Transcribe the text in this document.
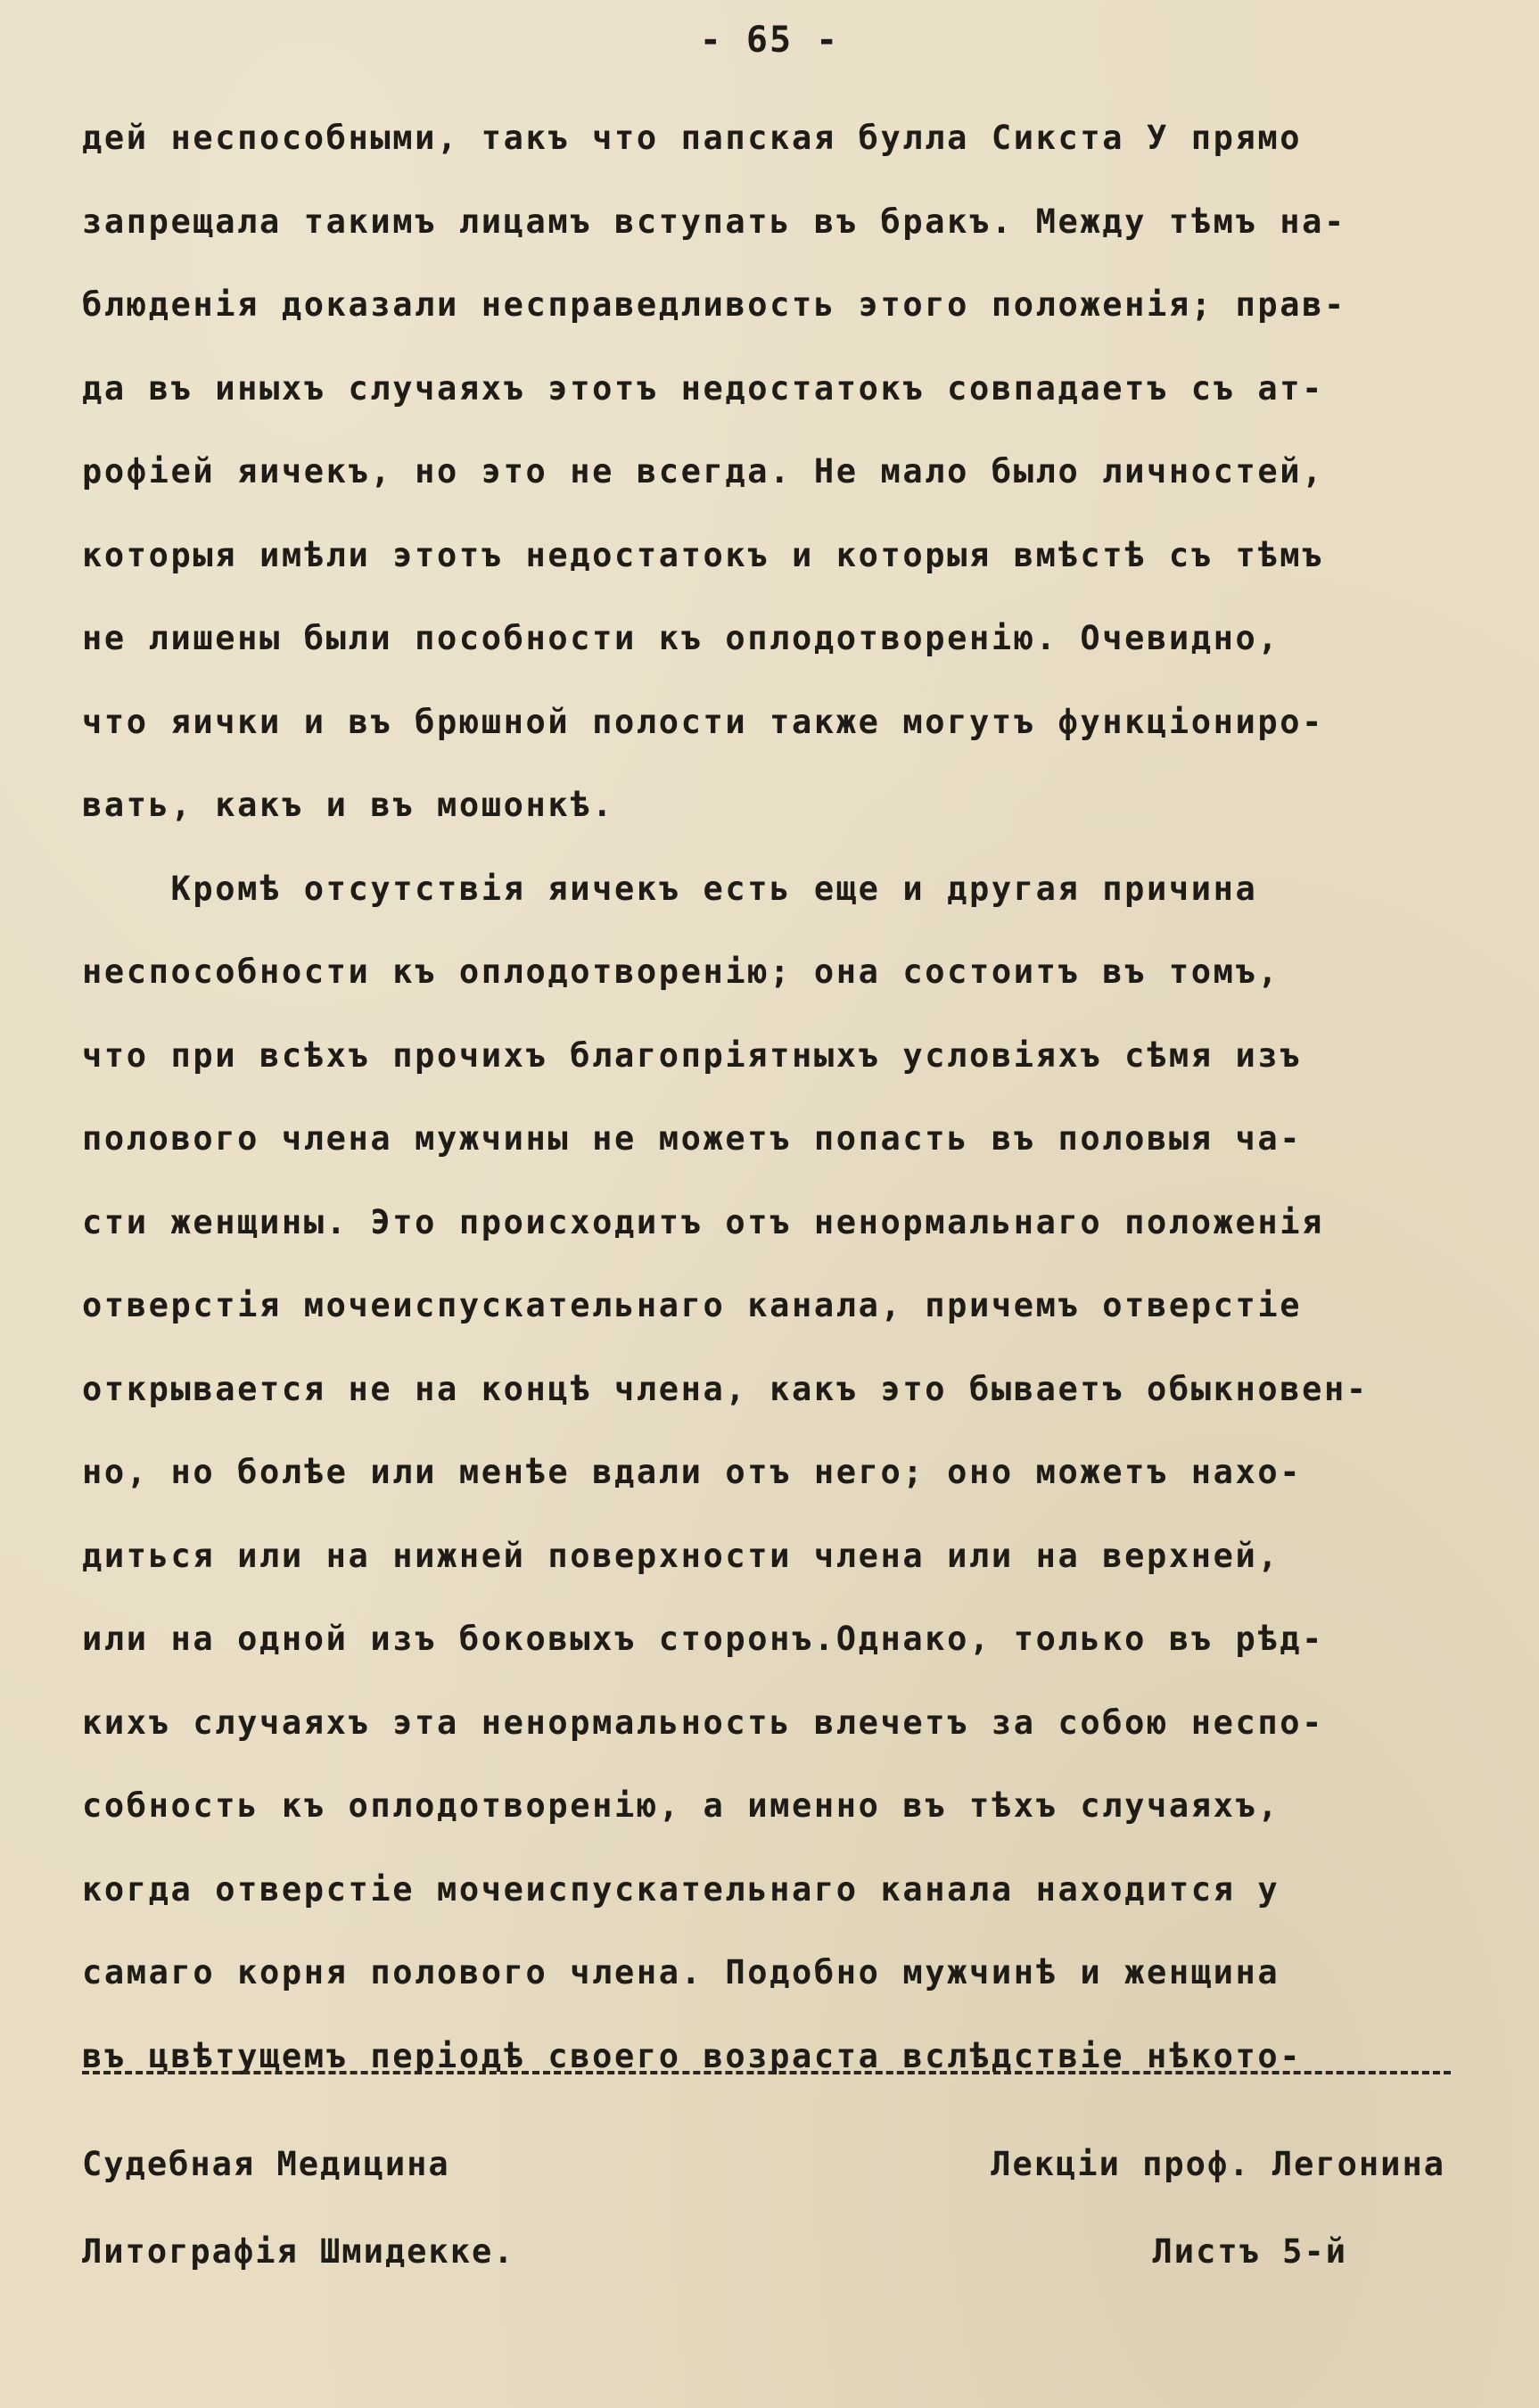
- 65 -
дей неспособными, такъ что папская булла Сикста У прямо
запрещала такимъ лицамъ вступать въ бракъ. Между тѣмъ на-
блюденія доказали несправедливость этого положенія; прав-
да въ иныхъ случаяхъ этотъ недостатокъ совпадаетъ съ ат-
рофіей яичекъ, но это не всегда. Не мало было личностей,
которыя имѣли этотъ недостатокъ и которыя вмѣстѣ съ тѣмъ
не лишены были пособности къ оплодотворенію. Очевидно,
что яички и въ брюшной полости также могутъ функціониро-
вать, какъ и въ мошонкѣ.
Кромѣ отсутствія яичекъ есть еще и другая причина
неспособности къ оплодотворенію; она состоитъ въ томъ,
что при всѣхъ прочихъ благопріятныхъ условіяхъ сѣмя изъ
полового члена мужчины не можетъ попасть въ половыя ча-
сти женщины. Это происходитъ отъ ненормальнаго положенія
отверстія мочеиспускательнаго канала, причемъ отверстіе
открывается не на концѣ члена, какъ это бываетъ обыкновен-
но, но болѣе или менѣе вдали отъ него; оно можетъ нахо-
диться или на нижней поверхности члена или на верхней,
или на одной изъ боковыхъ сторонъ.Однако, только въ рѣд-
кихъ случаяхъ эта ненормальность влечетъ за собою неспо-
собность къ оплодотворенію, а именно въ тѣхъ случаяхъ,
когда отверстіе мочеиспускательнаго канала находится у
самаго корня полового члена. Подобно мужчинѣ и женщина
въ цвѣтущемъ періодѣ своего возраста вслѣдствіе нѣкото-
Судебная Медицина	Лекціи проф. Легонина
Литографія Шмидекке.	Листъ 5-й
